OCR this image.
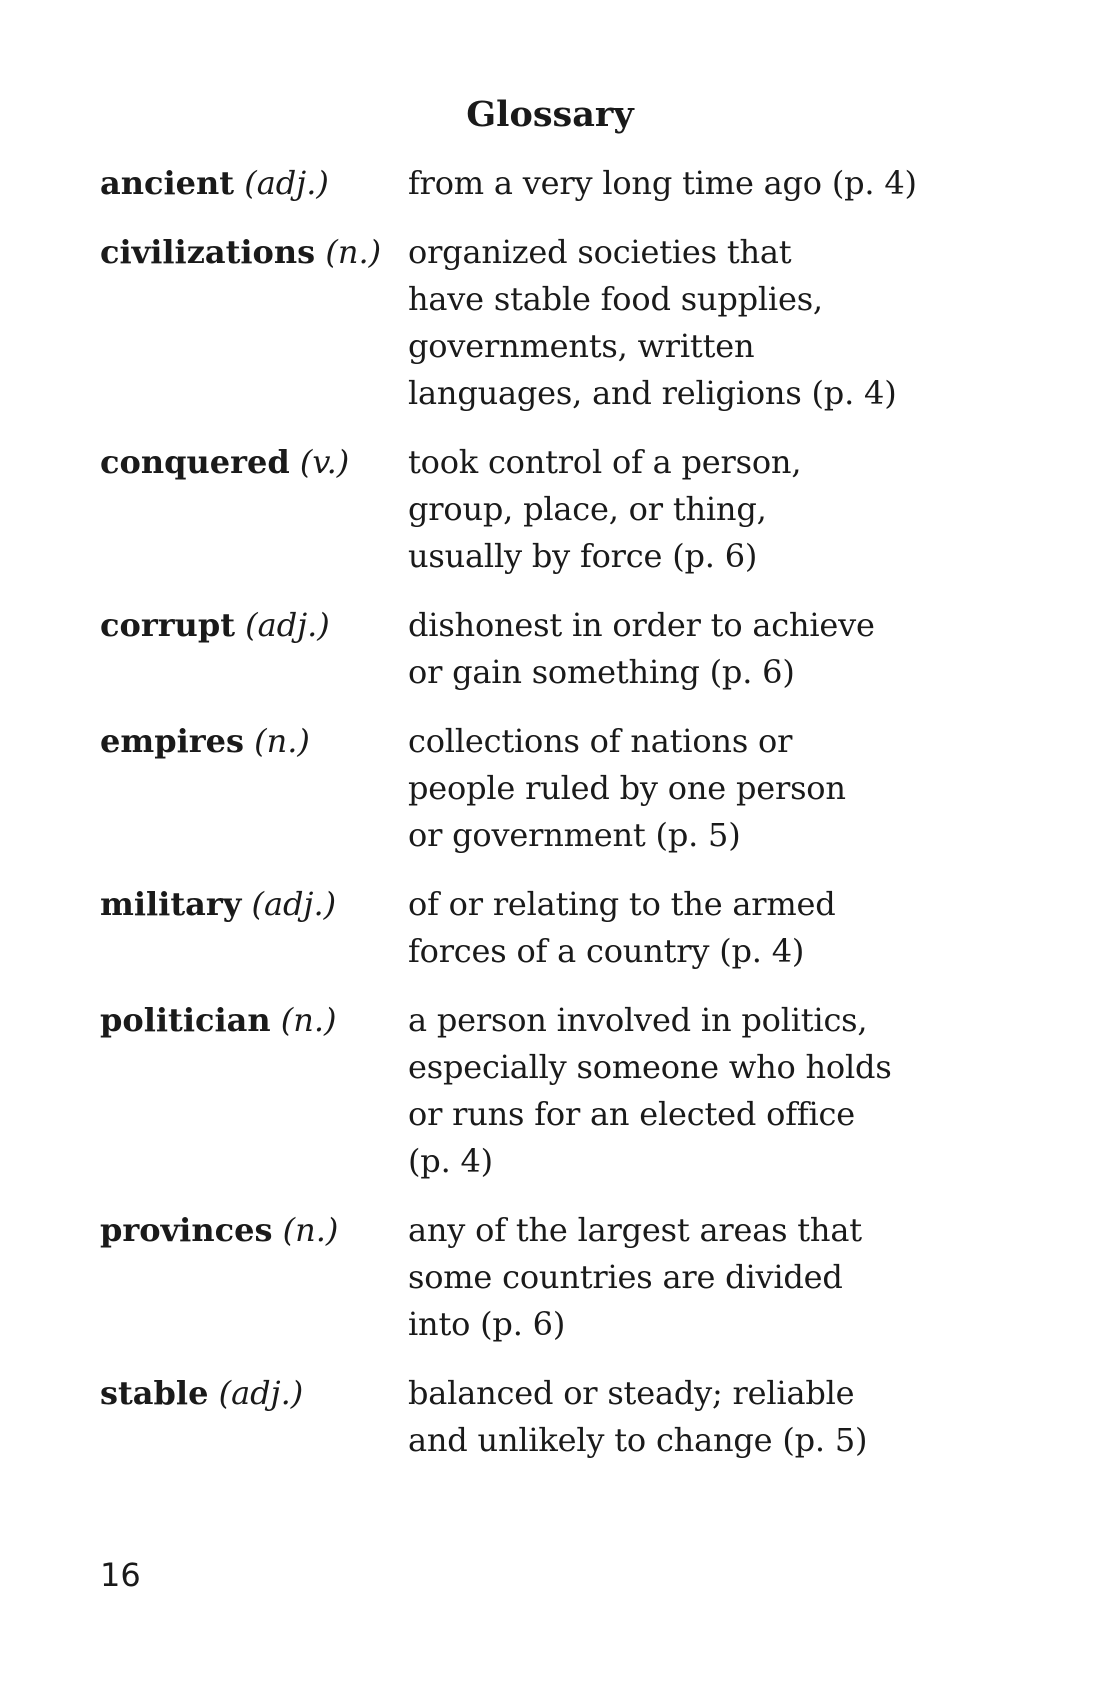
Glossary
ancient (adj.)	from a very long time ago (p. 4)
civilizations (n.) organized societies that
have stable food supplies,
governments, written
languages, and religions (p. 4)
conquered (v.)	took control of a person,
group, place, or thing,
usually by force (p. 6)
corrupt (adj.)	dishonest in order to achieve
or gain something (p. 6)
empires (n.)	collections of nations or
people ruled by one person
or government (p. 5)
military (adj.)	of or relating to the armed
forces of a country (p. 4)
politician (n.)	a person involved in politics,
especially someone who holds
or runs for an elected office
(p. 4)
provinces (n.)	any of the largest areas that
some countries are divided
into (p. 6)
stable (adj.)	balanced or steady; reliable
and unlikely to change (p. 5)
16
